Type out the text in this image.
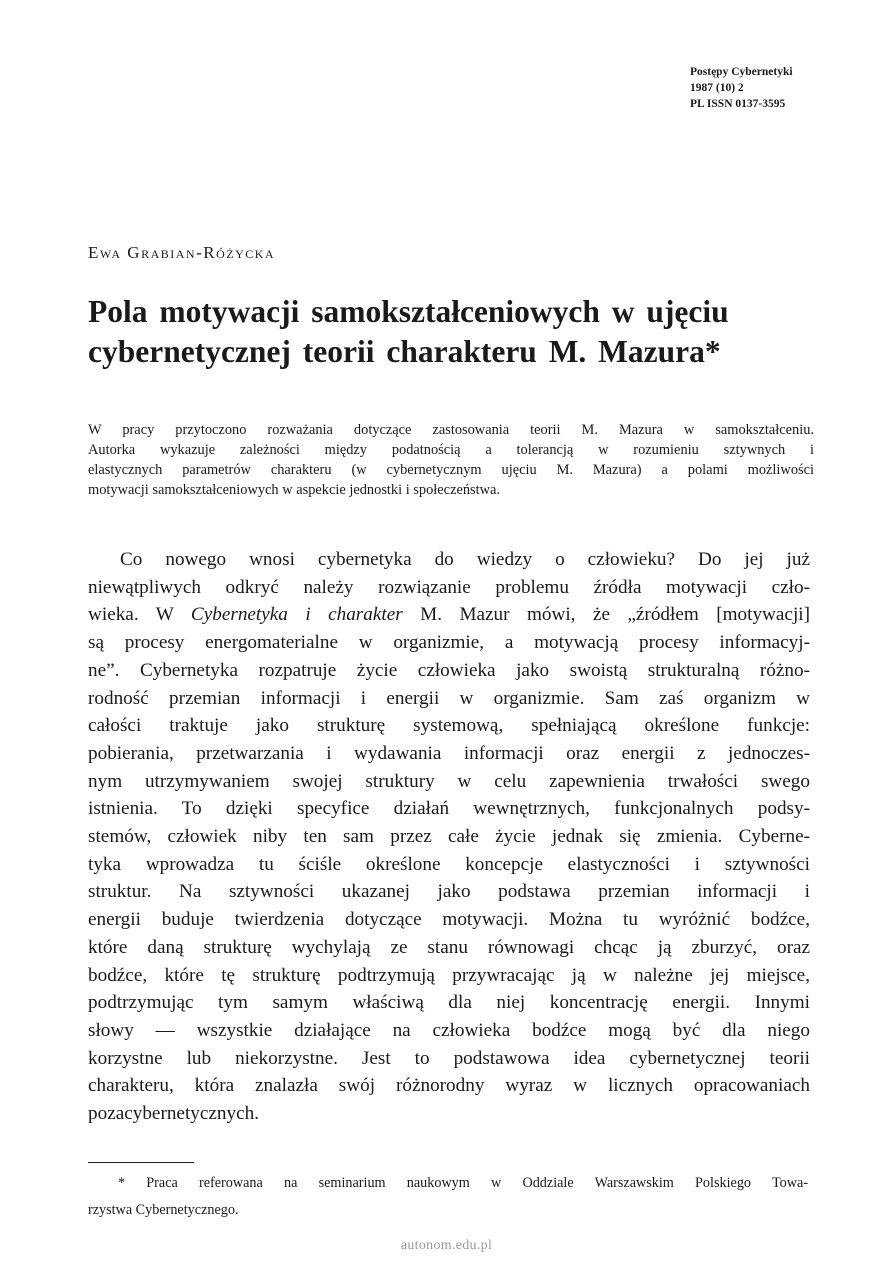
Postępy Cybernetyki
1987 (10) 2
PL ISSN 0137-3595
Ewa Grabian-Różycka
Pola motywacji samokształceniowych w ujęciu
cybernetycznej teorii charakteru M. Mazura*
W pracy przytoczono rozważania dotyczące zastosowania teorii M. Mazura w samokształceniu.
Autorka wykazuje zależności między podatnością a tolerancją w rozumieniu sztywnych i
elastycznych parametrów charakteru (w cybernetycznym ujęciu M. Mazura) a polami możliwości
motywacji samokształceniowych w aspekcie jednostki i społeczeństwa.
Co nowego wnosi cybernetyka do wiedzy o człowieku? Do jej już
niewątpliwych odkryć należy rozwiązanie problemu źródła motywacji czło-
wieka. W Cybernetyka i charakter M. Mazur mówi, że „źródłem [motywacji]
są procesy energomaterialne w organizmie, a motywacją procesy informacyj-
ne”. Cybernetyka rozpatruje życie człowieka jako swoistą strukturalną różno-
rodność przemian informacji i energii w organizmie. Sam zaś organizm w
całości traktuje jako strukturę systemową, spełniającą określone funkcje:
pobierania, przetwarzania i wydawania informacji oraz energii z jednoczes-
nym utrzymywaniem swojej struktury w celu zapewnienia trwałości swego
istnienia. To dzięki specyfice działań wewnętrznych, funkcjonalnych podsy-
stemów, człowiek niby ten sam przez całe życie jednak się zmienia. Cyberne-
tyka wprowadza tu ściśle określone koncepcje elastyczności i sztywności
struktur. Na sztywności ukazanej jako podstawa przemian informacji i
energii buduje twierdzenia dotyczące motywacji. Można tu wyróżnić bodźce,
które daną strukturę wychylają ze stanu równowagi chcąc ją zburzyć, oraz
bodźce, które tę strukturę podtrzymują przywracając ją w należne jej miejsce,
podtrzymując tym samym właściwą dla niej koncentrację energii. Innymi
słowy — wszystkie działające na człowieka bodźce mogą być dla niego
korzystne lub niekorzystne. Jest to podstawowa idea cybernetycznej teorii
charakteru, która znalazła swój różnorodny wyraz w licznych opracowaniach
pozacybernetycznych.
* Praca referowana na seminarium naukowym w Oddziale Warszawskim Polskiego Towa-
rzystwa Cybernetycznego.
autonom.edu.pl
